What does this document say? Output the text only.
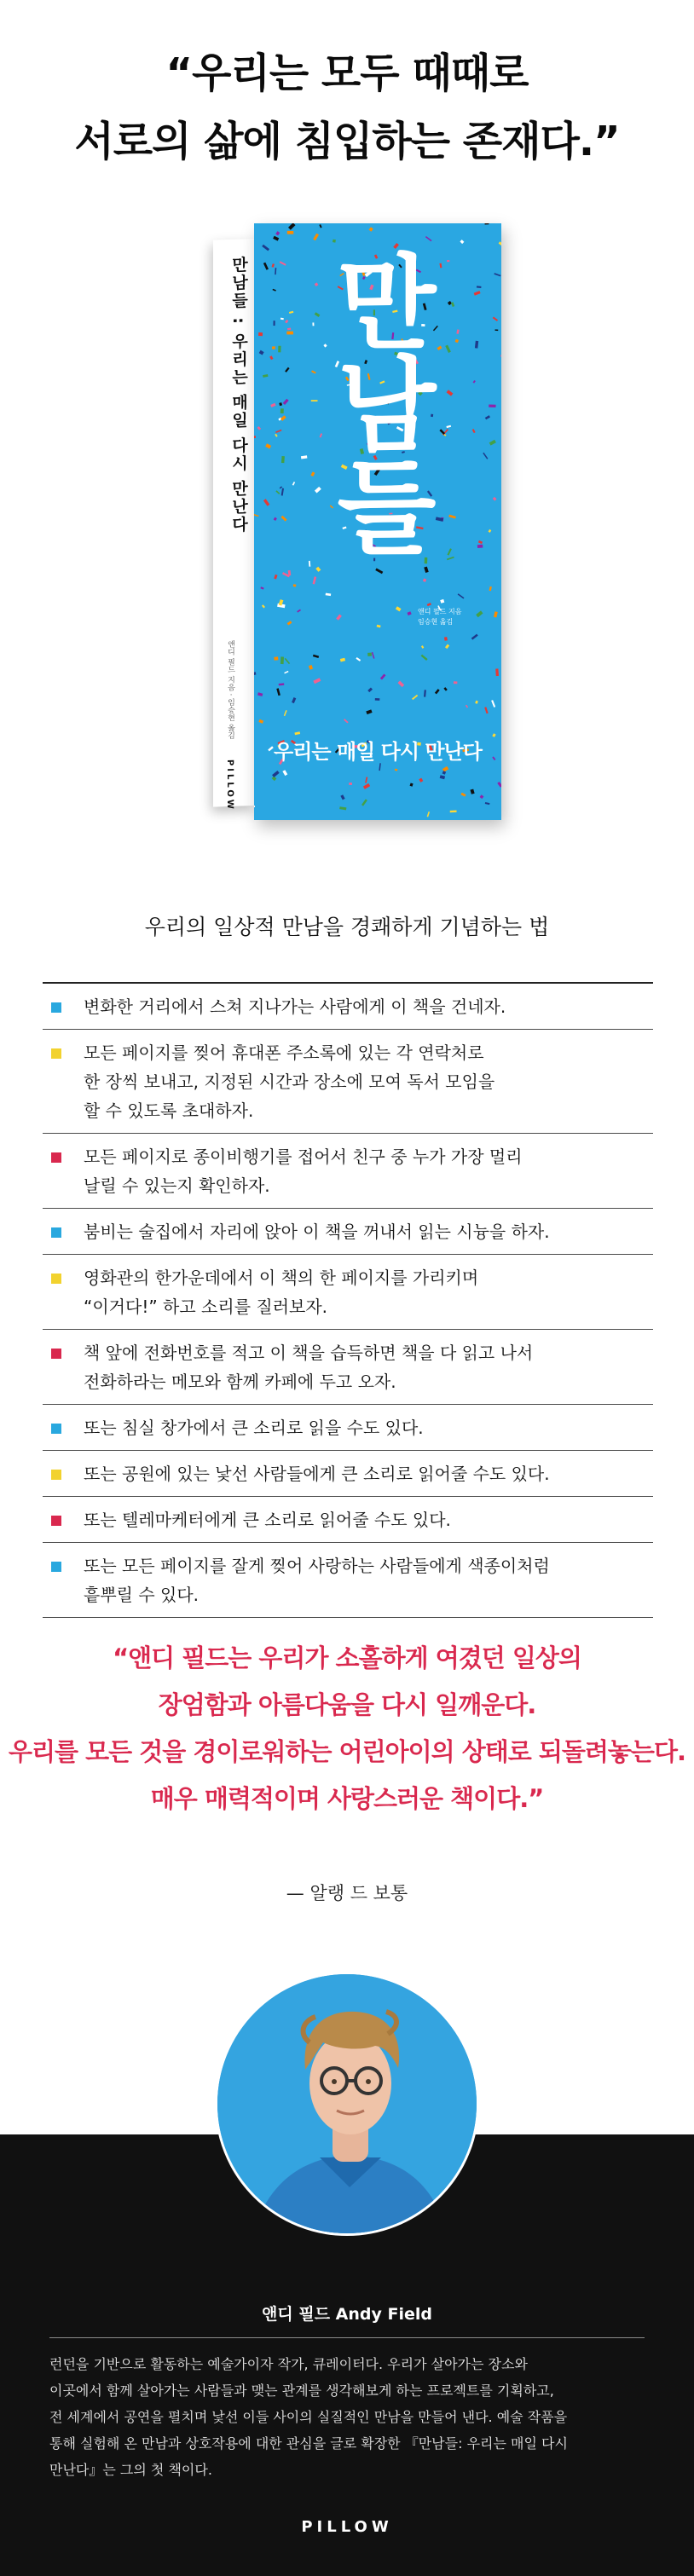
“우리는 모두 때때로
서로의 삶에 침입하는 존재다.”
만남들 : 우리는 매일 다시 만난다
앤디 필드 지음 · 임승현 옮김
PILLOW
만남들
앤디 필드 지음
임승현 옮김
우리는 매일 다시 만난다
우리의 일상적 만남을 경쾌하게 기념하는 법
변화한 거리에서 스쳐 지나가는 사람에게 이 책을 건네자.
모든 페이지를 찢어 휴대폰 주소록에 있는 각 연락처로
한 장씩 보내고, 지정된 시간과 장소에 모여 독서 모임을
할 수 있도록 초대하자.
모든 페이지로 종이비행기를 접어서 친구 중 누가 가장 멀리
날릴 수 있는지 확인하자.
붐비는 술집에서 자리에 앉아 이 책을 꺼내서 읽는 시늉을 하자.
영화관의 한가운데에서 이 책의 한 페이지를 가리키며
“이거다!” 하고 소리를 질러보자.
책 앞에 전화번호를 적고 이 책을 습득하면 책을 다 읽고 나서
전화하라는 메모와 함께 카페에 두고 오자.
또는 침실 창가에서 큰 소리로 읽을 수도 있다.
또는 공원에 있는 낯선 사람들에게 큰 소리로 읽어줄 수도 있다.
또는 텔레마케터에게 큰 소리로 읽어줄 수도 있다.
또는 모든 페이지를 잘게 찢어 사랑하는 사람들에게 색종이처럼
흩뿌릴 수 있다.
“앤디 필드는 우리가 소홀하게 여겼던 일상의
장엄함과 아름다움을 다시 일깨운다.
우리를 모든 것을 경이로워하는 어린아이의 상태로 되돌려놓는다.
매우 매력적이며 사랑스러운 책이다.”
— 알랭 드 보통
앤디 필드 Andy Field
런던을 기반으로 활동하는 예술가이자 작가, 큐레이터다. 우리가 살아가는 장소와
이곳에서 함께 살아가는 사람들과 맺는 관계를 생각해보게 하는 프로젝트를 기획하고,
전 세계에서 공연을 펼치며 낯선 이들 사이의 실질적인 만남을 만들어 낸다. 예술 작품을
통해 실험해 온 만남과 상호작용에 대한 관심을 글로 확장한 『만남들: 우리는 매일 다시
만난다』는 그의 첫 책이다.
PILLOW
